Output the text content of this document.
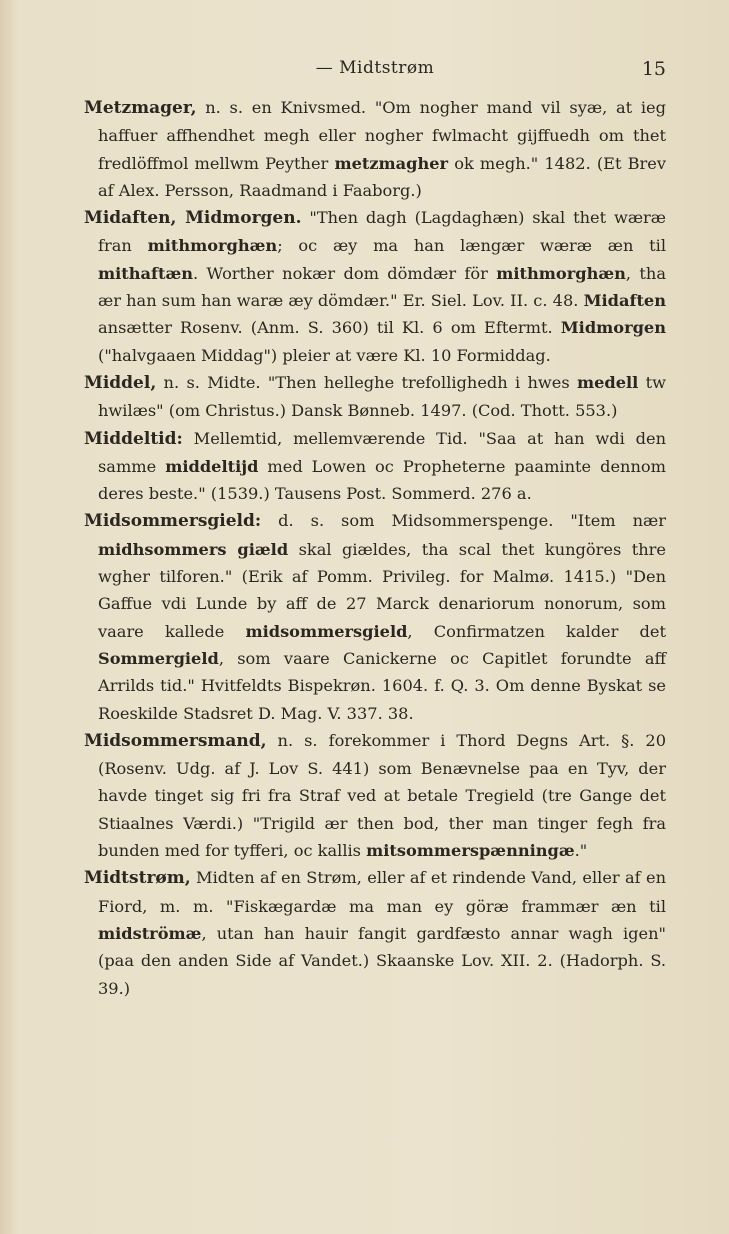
— Midtstrøm	15

Metzmager, n. s. en Knivsmed. "Om nogher mand vil syæ, at ieg haffuer affhendhet megh eller nogher fwlmacht gijffuedh om thet fredlöffmol mellwm Peyther metzmagher ok megh." 1482. (Et Brev af Alex. Persson, Raadmand i Faaborg.)

Midaften, Midmorgen. "Then dagh (Lagdaghæn) skal thet wæræ fran mithmorghæn; oc æy ma han længær wæræ æn til mithaftæn. Worther nokær dom dömdær för mithmorghæn, tha ær han sum han waræ æy dömdær." Er. Siel. Lov. II. c. 48. Midaften ansætter Rosenv. (Anm. S. 360) til Kl. 6 om Eftermt. Midmorgen ("halvgaaen Middag") pleier at være Kl. 10 Formiddag.

Middel, n. s. Midte. "Then helleghe trefollighedh i hwes medell tw hwilæs" (om Christus.) Dansk Bønneb. 1497. (Cod. Thott. 553.)

Middeltid: Mellemtid, mellemværende Tid. "Saa at han wdi den samme middeltijd med Lowen oc Propheterne paaminte dennom deres beste." (1539.) Tausens Post. Sommerd. 276 a.

Midsommersgield: d. s. som Midsommerspenge. "Item nær midhsommers giæld skal giældes, tha scal thet kungöres thre wgher tilforen." (Erik af Pomm. Privileg. for Malmø. 1415.) "Den Gaffue vdi Lunde by aff de 27 Marck denariorum nonorum, som vaare kallede midsommersgield, Confirmatzen kalder det Sommergield, som vaare Canickerne oc Capitlet forundte aff Arrilds tid." Hvitfeldts Bispekrøn. 1604. f. Q. 3. Om denne Byskat se Roeskilde Stadsret D. Mag. V. 337. 38.

Midsommersmand, n. s. forekommer i Thord Degns Art. §. 20 (Rosenv. Udg. af J. Lov S. 441) som Benævnelse paa en Tyv, der havde tinget sig fri fra Straf ved at betale Tregield (tre Gange det Stiaalnes Værdi.) "Trigild ær then bod, ther man tinger fegh fra bunden med for tyfferi, oc kallis mitsommerspænningæ."

Midtstrøm, Midten af en Strøm, eller af et rindende Vand, eller af en Fiord, m. m. "Fiskægardæ ma man ey göræ frammær æn til midströmæ, utan han hauir fangit gardfæsto annar wagh igen" (paa den anden Side af Vandet.) Skaanske Lov. XII. 2. (Hadorph. S. 39.)
